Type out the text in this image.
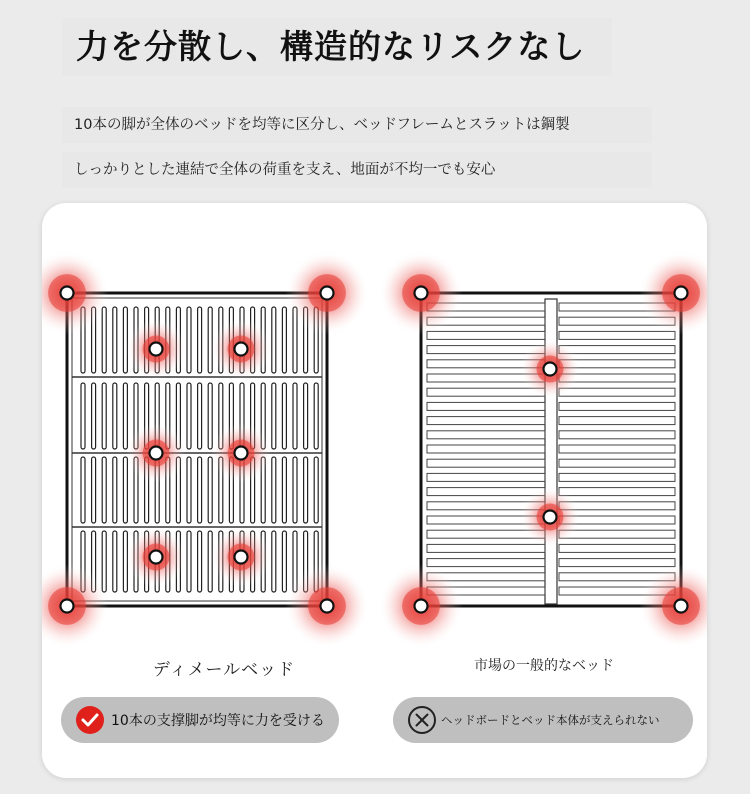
力を分散し、構造的なリスクなし
10本の脚が全体のベッドを均等に区分し、ベッドフレームとスラットは鋼製
しっかりとした連結で全体の荷重を支え、地面が不均一でも安心
ディメールベッド	市場の一般的なベッド
10本の支撑脚が均等に力を受ける	ヘッドボードとベッド本体が支えられない
